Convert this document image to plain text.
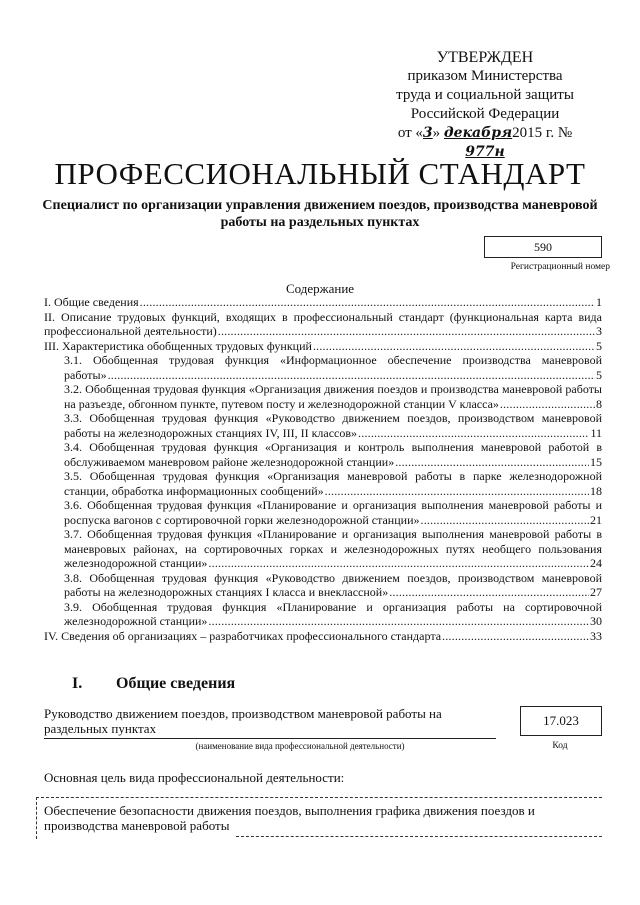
УТВЕРЖДЕН
приказом Министерства
труда и социальной защиты
Российской Федерации
от «3» декабря2015 г. № 977н
ПРОФЕССИОНАЛЬНЫЙ СТАНДАРТ
Специалист по организации управления движением поездов, производства маневровой работы на раздельных пунктах
590
Регистрационный номер
Содержание
I. Общие сведения .....	1
II. Описание трудовых функций, входящих в профессиональный стандарт (функциональная карта вида
профессиональной деятельности) .....	3
III. Характеристика обобщенных трудовых функций .....	5
3.1. Обобщенная трудовая функция «Информационное обеспечение производства маневровой
работы» .....	5
3.2. Обобщенная трудовая функция «Организация движения поездов и производства маневровой работы
на разъезде, обгонном пункте, путевом посту и железнодорожной станции V класса» .....	8
3.3. Обобщенная трудовая функция «Руководство движением поездов, производством маневровой
работы на железнодорожных станциях IV, III, II классов» .....	11
3.4. Обобщенная трудовая функция «Организация и контроль выполнения маневровой работой в
обслуживаемом маневровом районе железнодорожной станции» .....	15
3.5. Обобщенная трудовая функция «Организация маневровой работы в парке железнодорожной
станции, обработка информационных сообщений» .....	18
3.6. Обобщенная трудовая функция «Планирование и организация выполнения маневровой работы и
роспуска вагонов с сортировочной горки железнодорожной станции» .....	21
3.7. Обобщенная трудовая функция «Планирование и организация выполнения маневровой работы в маневровых районах, на сортировочных горках и железнодорожных путях необщего пользования
железнодорожной станции» .....	24
3.8. Обобщенная трудовая функция «Руководство движением поездов, производством маневровой
работы на железнодорожных станциях I класса и внеклассной» .....	27
3.9. Обобщенная трудовая функция «Планирование и организация работы на сортировочной
железнодорожной станции» .....	30
IV. Сведения об организациях – разработчиках профессионального стандарта .....	33
I. Общие сведения
Руководство движением поездов, производством маневровой работы на раздельных пунктах
17.023
(наименование вида профессиональной деятельности)	Код
Основная цель вида профессиональной деятельности:
Обеспечение безопасности движения поездов, выполнения графика движения поездов и производства маневровой работы
